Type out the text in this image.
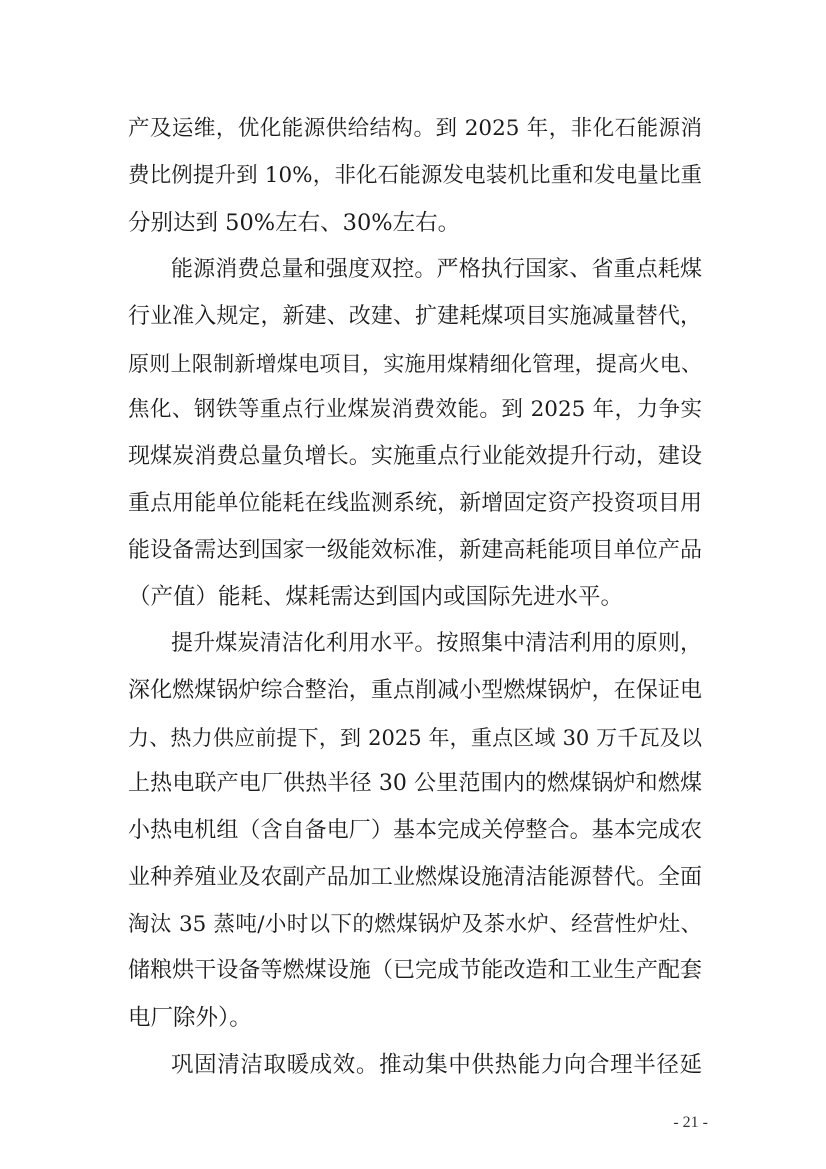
产及运维，优化能源供给结构。到 2025 年，非化石能源消
费比例提升到 10%，非化石能源发电装机比重和发电量比重
分别达到 50%左右、30%左右。
能源消费总量和强度双控。严格执行国家、省重点耗煤
行业准入规定，新建、改建、扩建耗煤项目实施减量替代，
原则上限制新增煤电项目，实施用煤精细化管理，提高火电、
焦化、钢铁等重点行业煤炭消费效能。到 2025 年，力争实
现煤炭消费总量负增长。实施重点行业能效提升行动，建设
重点用能单位能耗在线监测系统，新增固定资产投资项目用
能设备需达到国家一级能效标准，新建高耗能项目单位产品
（产值）能耗、煤耗需达到国内或国际先进水平。
提升煤炭清洁化利用水平。按照集中清洁利用的原则，
深化燃煤锅炉综合整治，重点削减小型燃煤锅炉，在保证电
力、热力供应前提下，到 2025 年，重点区域 30 万千瓦及以
上热电联产电厂供热半径 30 公里范围内的燃煤锅炉和燃煤
小热电机组（含自备电厂）基本完成关停整合。基本完成农
业种养殖业及农副产品加工业燃煤设施清洁能源替代。全面
淘汰 35 蒸吨/小时以下的燃煤锅炉及茶水炉、经营性炉灶、
储粮烘干设备等燃煤设施（已完成节能改造和工业生产配套
电厂除外）。
巩固清洁取暖成效。推动集中供热能力向合理半径延
- 21 -
